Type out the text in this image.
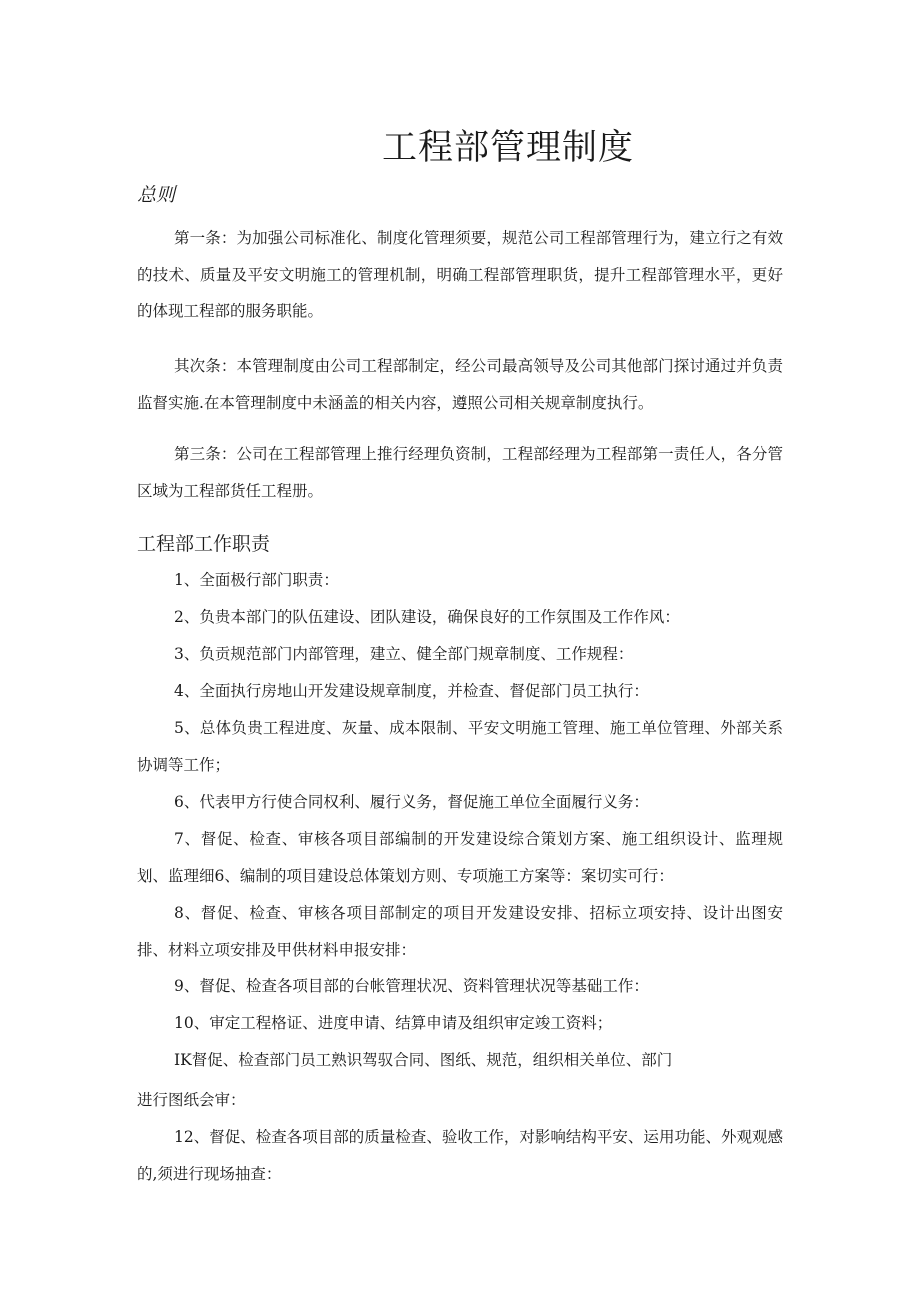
工程部管理制度
总则

第一条：为加强公司标准化、制度化管理须要，规范公司工程部管理行为，建立行之有效的技术、质量及平安文明施工的管理机制，明确工程部管理职货，提升工程部管理水平，更好的体现工程部的服务职能。

其次条：本管理制度由公司工程部制定，经公司最高领导及公司其他部门探讨通过并负责监督实施.在本管理制度中未涵盖的相关内容，遵照公司相关规章制度执行。

第三条：公司在工程部管理上推行经理负资制，工程部经理为工程部第一责任人，各分管区域为工程部货任工程册。

工程部工作职责

1、全面极行部门职责：

2、负贵本部门的队伍建设、团队建设，确保良好的工作氛围及工作作风：

3、负贡规范部门内部管理，建立、健全部门规章制度、工作规程：

4、全面执行房地山开发建设规章制度，并检查、督促部门员工执行：

5、总体负贵工程进度、灰量、成本限制、平安文明施工管理、施工单位管理、外部关系协调等工作；

6、代表甲方行使合同权利、履行义务，督促施工单位全面履行义务：

7、督促、检查、审核各项目部编制的开发建设综合策划方案、施工组织设计、监理规划、监理细6、编制的项目建设总体策划方则、专项施工方案等：案切实可行：

8、督促、检查、审核各项目部制定的项目开发建设安排、招标立项安持、设计出图安排、材料立项安排及甲供材料申报安排：

9、督促、检查各项目部的台帐管理状况、资料管理状况等基础工作：

10、审定工程格证、进度申请、结算申请及组织审定竣工资料；

IK督促、检查部门员工熟识驾驭合同、图纸、规范，组织相关单位、部门

进行图纸会审：

12、督促、检查各项目部的质量检查、验收工作，对影响结构平安、运用功能、外观观感的,须进行现场抽查：
